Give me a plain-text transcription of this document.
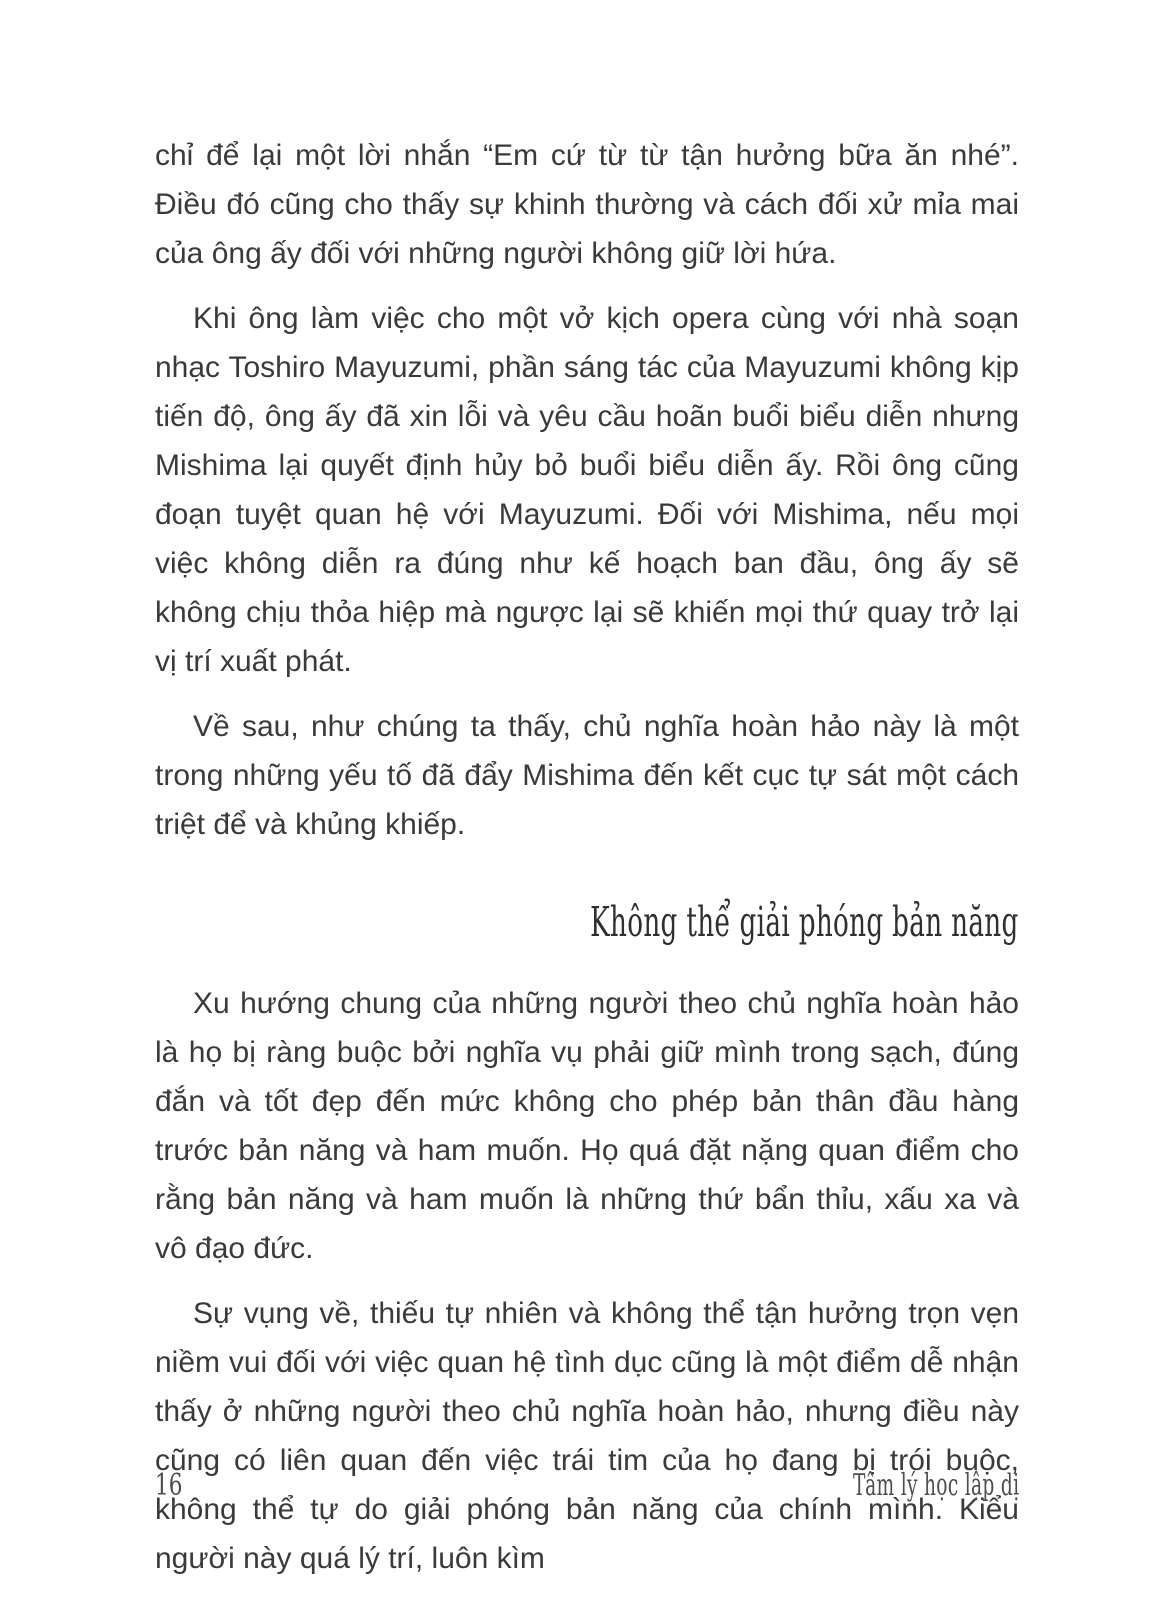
chỉ để lại một lời nhắn “Em cứ từ từ tận hưởng bữa ăn nhé”. Điều đó cũng cho thấy sự khinh thường và cách đối xử mỉa mai của ông ấy đối với những người không giữ lời hứa.

Khi ông làm việc cho một vở kịch opera cùng với nhà soạn nhạc Toshiro Mayuzumi, phần sáng tác của Mayuzumi không kịp tiến độ, ông ấy đã xin lỗi và yêu cầu hoãn buổi biểu diễn nhưng Mishima lại quyết định hủy bỏ buổi biểu diễn ấy. Rồi ông cũng đoạn tuyệt quan hệ với Mayuzumi. Đối với Mishima, nếu mọi việc không diễn ra đúng như kế hoạch ban đầu, ông ấy sẽ không chịu thỏa hiệp mà ngược lại sẽ khiến mọi thứ quay trở lại vị trí xuất phát.

Về sau, như chúng ta thấy, chủ nghĩa hoàn hảo này là một trong những yếu tố đã đẩy Mishima đến kết cục tự sát một cách triệt để và khủng khiếp.

Không thể giải phóng bản năng

Xu hướng chung của những người theo chủ nghĩa hoàn hảo là họ bị ràng buộc bởi nghĩa vụ phải giữ mình trong sạch, đúng đắn và tốt đẹp đến mức không cho phép bản thân đầu hàng trước bản năng và ham muốn. Họ quá đặt nặng quan điểm cho rằng bản năng và ham muốn là những thứ bẩn thỉu, xấu xa và vô đạo đức.

Sự vụng về, thiếu tự nhiên và không thể tận hưởng trọn vẹn niềm vui đối với việc quan hệ tình dục cũng là một điểm dễ nhận thấy ở những người theo chủ nghĩa hoàn hảo, nhưng điều này cũng có liên quan đến việc trái tim của họ đang bị trói buộc, không thể tự do giải phóng bản năng của chính mình. Kiểu người này quá lý trí, luôn kìm

16	Tâm lý học lập dị
